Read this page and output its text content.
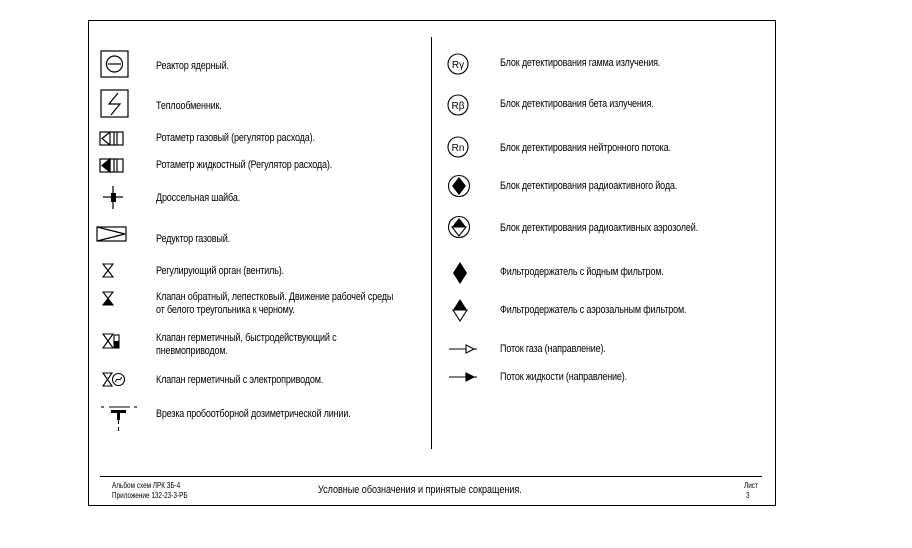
Реактор ядерный.
Теплообменник.
Ротаметр газовый (регулятор расхода).
Ротаметр жидкостный (Регулятор расхода).
Дроссельная шайба.
Редуктор газовый.
Регулирующий орган (вентиль).
Клапан обратный, лепестковый. Движение рабочей среды от белого треугольника к черному.
Клапан герметичный, быстродействующий с пневмоприводом.
Клапан герметичный с электроприводом.
Врезка пробоотборной дозиметрической линии.
Rγ	Блок детектирования гамма излучения.
Rβ	Блок детектирования бета излучения.
Rn	Блок детектирования нейтронного потока.
Блок детектирования радиоактивного йода.
Блок детектирования радиоактивных аэрозолей.
Фильтродержатель с йодным фильтром.
Фильтродержатель с аэрозальным фильтром.
Поток газа (направление).
Поток жидкости (направление).
Альбом схем ЛРК 3Б-4
Приложение 132-23-3-РБ	Условные обозначения и принятые сокращения.	Лист
3
